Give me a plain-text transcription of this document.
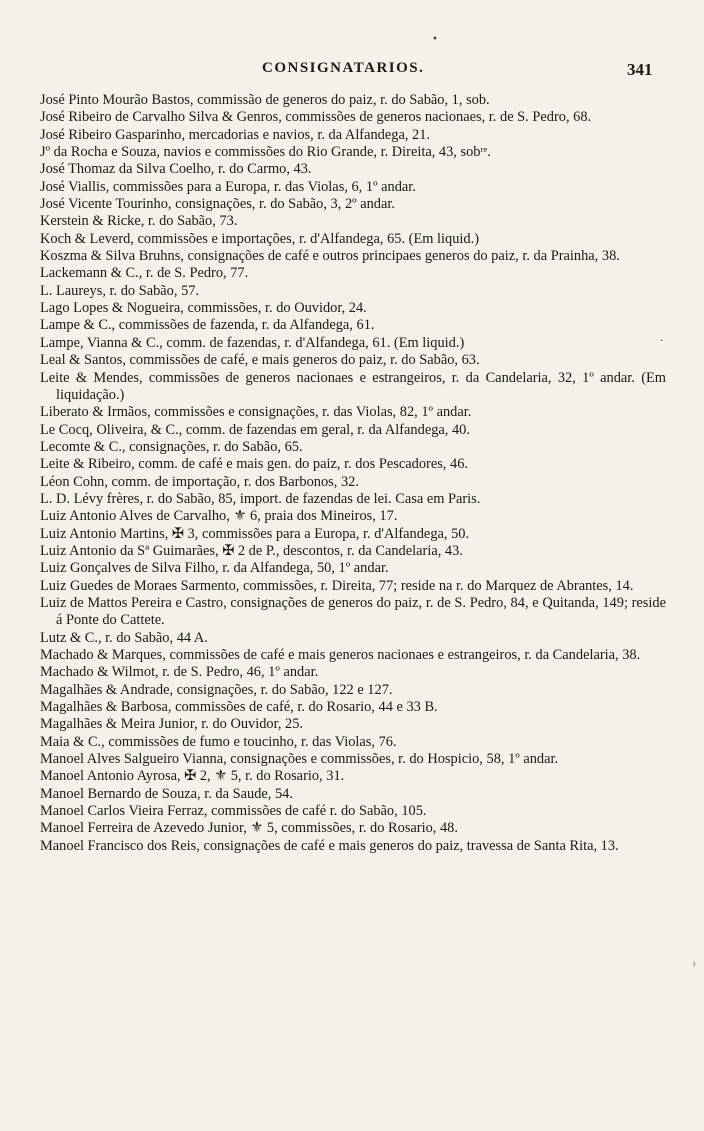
CONSIGNATARIOS.	341

José Pinto Mourão Bastos, commissão de generos do paiz, r. do Sabão, 1, sob.

José Ribeiro de Carvalho Silva & Genros, commissões de generos nacionaes, r. de S. Pedro, 68.

José Ribeiro Gasparinho, mercadorias e navios, r. da Alfandega, 21.

Jº da Rocha e Souza, navios e commissões do Rio Grande, r. Direita, 43, sobʳᵉ.

José Thomaz da Silva Coelho, r. do Carmo, 43.

José Viallis, commissões para a Europa, r. das Violas, 6, 1º andar.

José Vicente Tourinho, consignações, r. do Sabão, 3, 2º andar.

Kerstein & Ricke, r. do Sabão, 73.

Koch & Leverd, commissões e importações, r. d'Alfandega, 65. (Em liquid.)

Koszma & Silva Bruhns, consignações de café e outros principaes generos do paiz, r. da Prainha, 38.

Lackemann & C., r. de S. Pedro, 77.

L. Laureys, r. do Sabão, 57.

Lago Lopes & Nogueira, commissões, r. do Ouvidor, 24.

Lampe & C., commissões de fazenda, r. da Alfandega, 61.

Lampe, Vianna & C., comm. de fazendas, r. d'Alfandega, 61. (Em liquid.)

Leal & Santos, commissões de café, e mais generos do paiz, r. do Sabão, 63.

Leite & Mendes, commissões de generos nacionaes e estrangeiros, r. da Candelaria, 32, 1º andar. (Em liquidação.)

Liberato & Irmãos, commissões e consignações, r. das Violas, 82, 1º andar.

Le Cocq, Oliveira, & C., comm. de fazendas em geral, r. da Alfandega, 40.

Lecomte & C., consignações, r. do Sabão, 65.

Leite & Ribeiro, comm. de café e mais gen. do paiz, r. dos Pescadores, 46.

Léon Cohn, comm. de importação, r. dos Barbonos, 32.

L. D. Lévy frères, r. do Sabão, 85, import. de fazendas de lei. Casa em Paris.

Luiz Antonio Alves de Carvalho, ⚜ 6, praia dos Mineiros, 17.

Luiz Antonio Martins, ✠ 3, commissões para a Europa, r. d'Alfandega, 50.

Luiz Antonio da Sª Guimarães, ✠ 2 de P., descontos, r. da Candelaria, 43.

Luiz Gonçalves de Silva Filho, r. da Alfandega, 50, 1º andar.

Luiz Guedes de Moraes Sarmento, commissões, r. Direita, 77; reside na r. do Marquez de Abrantes, 14.

Luiz de Mattos Pereira e Castro, consignações de generos do paiz, r. de S. Pedro, 84, e Quitanda, 149; reside á Ponte do Cattete.

Lutz & C., r. do Sabão, 44 A.

Machado & Marques, commissões de café e mais generos nacionaes e estrangeiros, r. da Candelaria, 38.

Machado & Wilmot, r. de S. Pedro, 46, 1º andar.

Magalhães & Andrade, consignações, r. do Sabão, 122 e 127.

Magalhães & Barbosa, commissões de café, r. do Rosario, 44 e 33 B.

Magalhães & Meira Junior, r. do Ouvidor, 25.

Maia & C., commissões de fumo e toucinho, r. das Violas, 76.

Manoel Alves Salgueiro Vianna, consignações e commissões, r. do Hospicio, 58, 1º andar.

Manoel Antonio Ayrosa, ✠ 2, ⚜ 5, r. do Rosario, 31.

Manoel Bernardo de Souza, r. da Saude, 54.

Manoel Carlos Vieira Ferraz, commissões de café r. do Sabão, 105.

Manoel Ferreira de Azevedo Junior, ⚜ 5, commissões, r. do Rosario, 48.

Manoel Francisco dos Reis, consignações de café e mais generos do paiz, travessa de Santa Rita, 13.

•
·
ˀ
